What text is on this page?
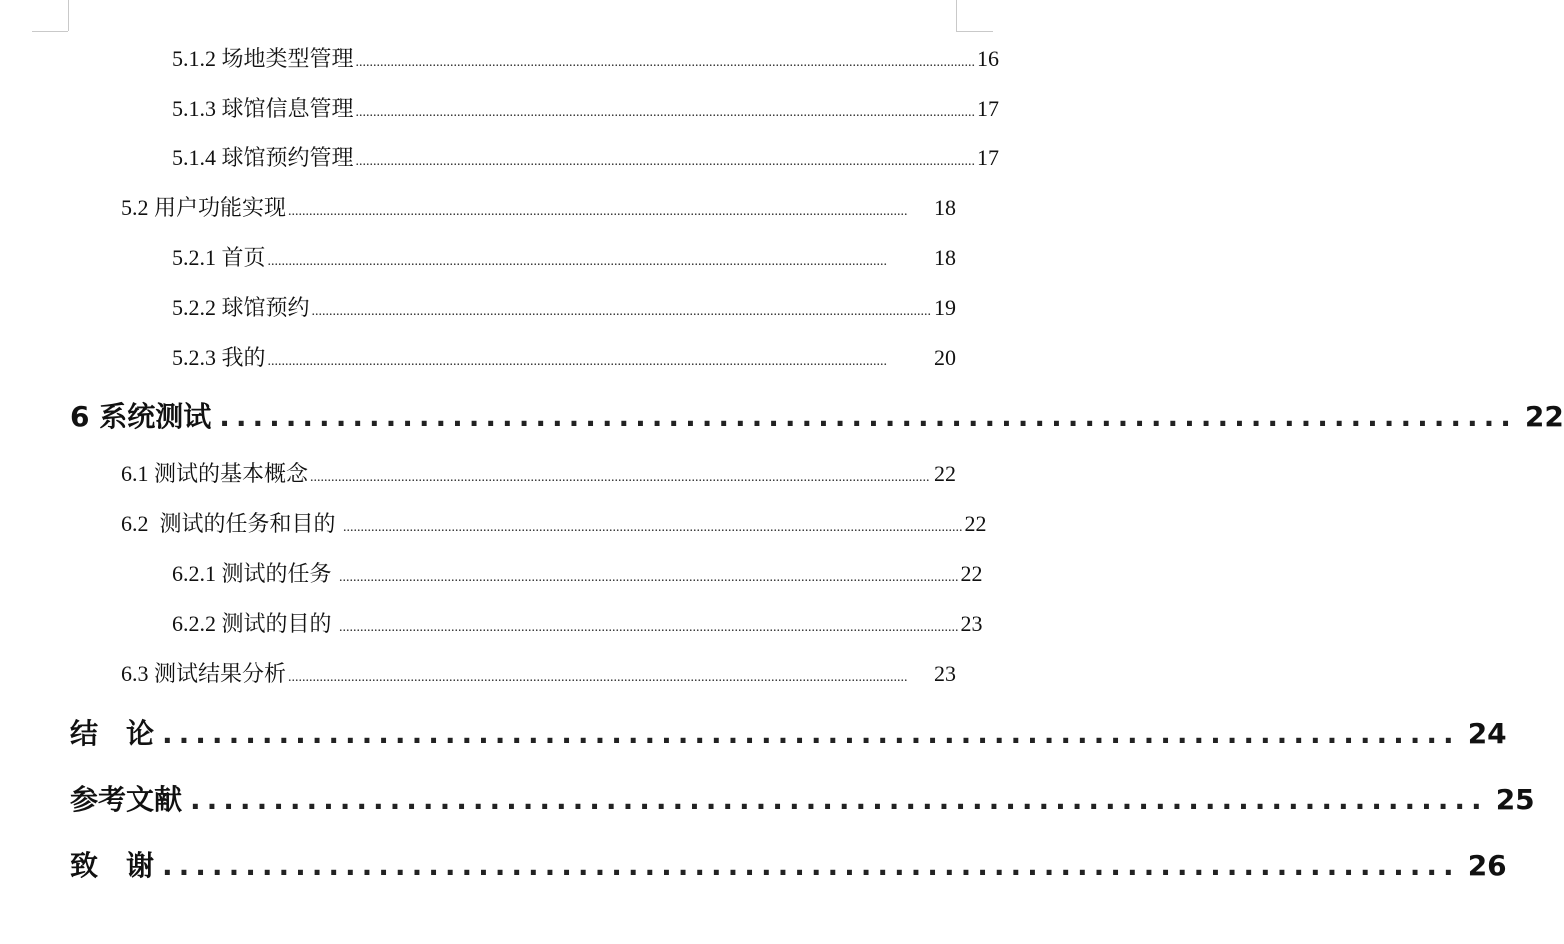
5.1.2 场地类型管理 ................................................................................................................................................................................. 16
5.1.3 球馆信息管理 ................................................................................................................................................................................. 17
5.1.4 球馆预约管理 ................................................................................................................................................................................. 17
5.2 用户功能实现 .................................................................................................................................................................................	18
5.2.1 首页 .................................................................................................................................................................................	18
5.2.2 球馆预约 ................................................................................................................................................................................. 19
5.2.3 我的 .................................................................................................................................................................................	20
6 系统测试 .............................................................................. 22
6.1 测试的基本概念 ................................................................................................................................................................................. 22
6.2  测试的任务和目的 ................................................................................................................................................................................. 22
6.2.1 测试的任务 ................................................................................................................................................................................. 22
6.2.2 测试的目的 ................................................................................................................................................................................. 23
6.3 测试结果分析 .................................................................................................................................................................................	23
结　论 .............................................................................. 24
参考文献 .............................................................................. 25
致　谢 .............................................................................. 26
